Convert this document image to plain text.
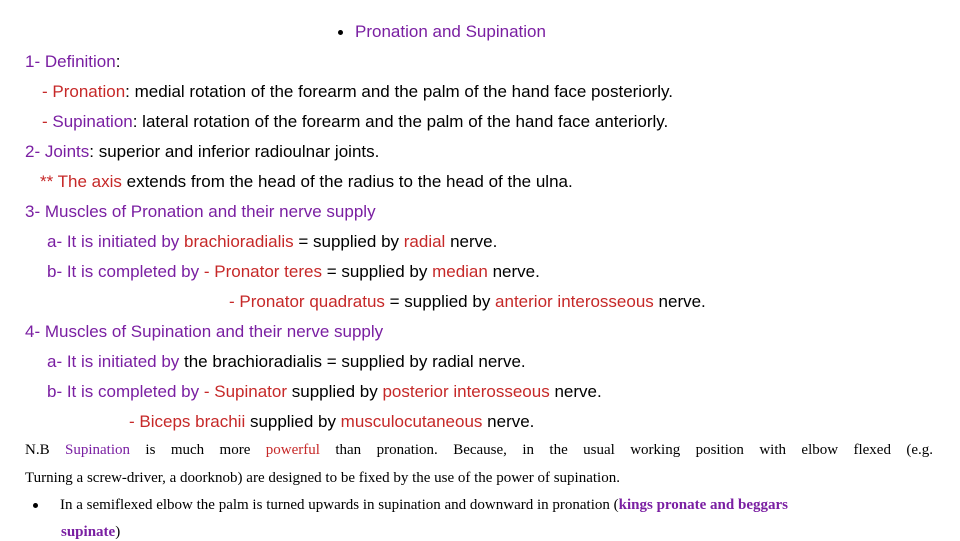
Pronation and Supination
1- Definition:
- Pronation: medial rotation of the forearm and the palm of the hand face posteriorly.
- Supination: lateral rotation of the forearm and the palm of the hand face anteriorly.
2- Joints: superior and inferior radioulnar joints.
** The axis extends from the head of the radius to the head of the ulna.
3- Muscles of Pronation and their nerve supply
a- It is initiated by brachioradialis = supplied by radial nerve.
b- It is completed by - Pronator teres = supplied by median nerve.
- Pronator quadratus = supplied by anterior interosseous nerve.
4- Muscles of Supination and their nerve supply
a- It is initiated by the brachioradialis = supplied by radial nerve.
b- It is completed by - Supinator supplied by posterior interosseous nerve.
- Biceps brachii supplied by musculocutaneous nerve.
N.B Supination is much more powerful than pronation. Because, in the usual working position with elbow flexed (e.g.
Turning a screw-driver, a doorknob) are designed to be fixed by the use of the power of supination.
In a semiflexed elbow the palm is turned upwards in supination and downward in pronation (kings pronate and beggars
supinate)
